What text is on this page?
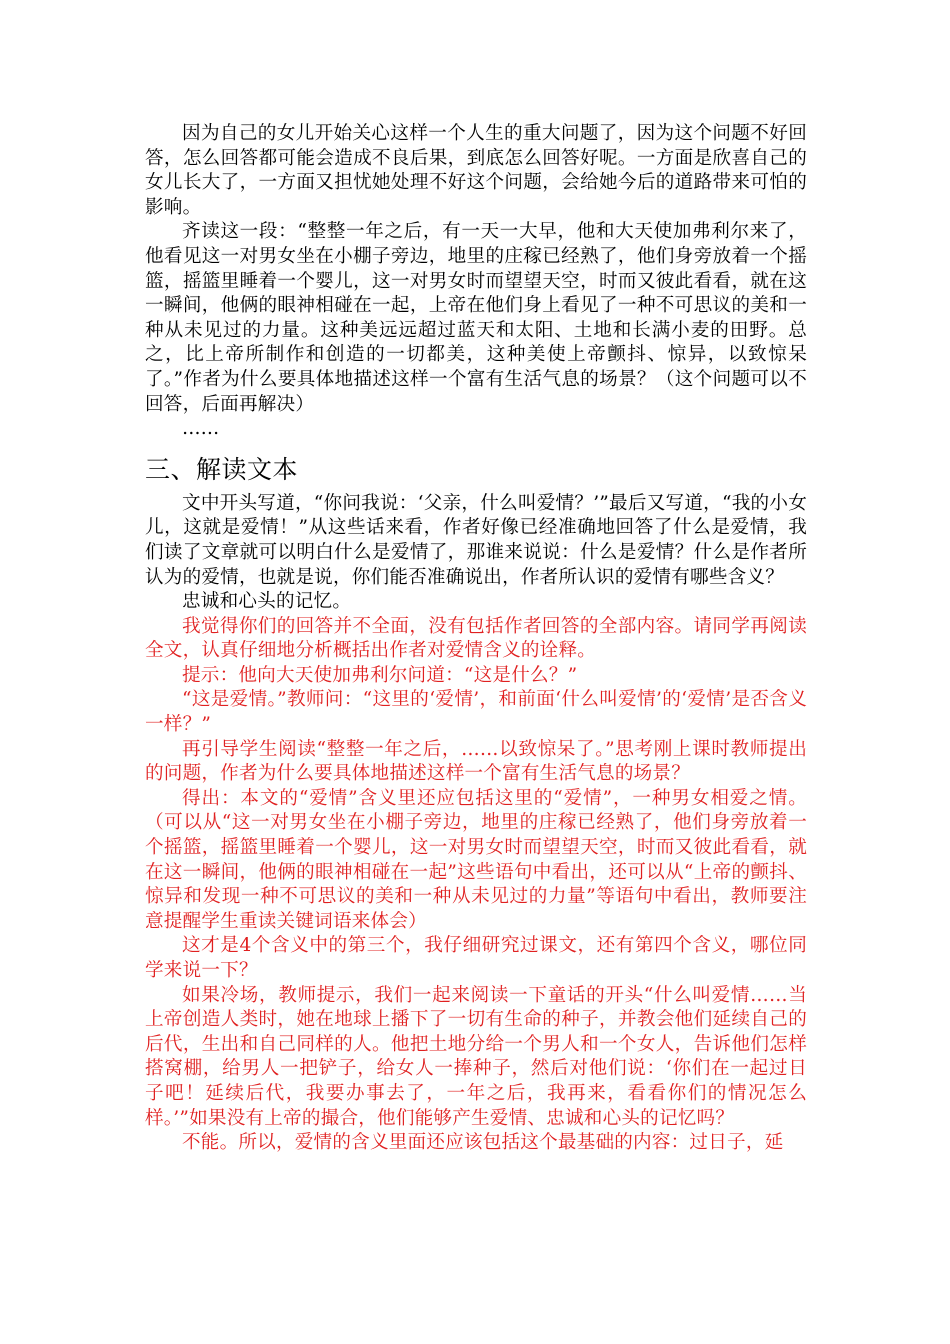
因为自己的女儿开始关心这样一个人生的重大问题了，因为这个问题不好回答，怎么回答都可能会造成不良后果，到底怎么回答好呢。一方面是欣喜自己的女儿长大了，一方面又担忧她处理不好这个问题，会给她今后的道路带来可怕的影响。

齐读这一段：“整整一年之后，有一天一大早，他和大天使加弗利尔来了，他看见这一对男女坐在小棚子旁边，地里的庄稼已经熟了，他们身旁放着一个摇篮，摇篮里睡着一个婴儿，这一对男女时而望望天空，时而又彼此看看，就在这一瞬间，他俩的眼神相碰在一起，上帝在他们身上看见了一种不可思议的美和一种从未见过的力量。这种美远远超过蓝天和太阳、土地和长满小麦的田野。总之，比上帝所制作和创造的一切都美，这种美使上帝颤抖、惊异，以致惊呆了。”作者为什么要具体地描述这样一个富有生活气息的场景？（这个问题可以不回答，后面再解决）

……

三、解读文本

文中开头写道，“你问我说：‘父亲，什么叫爱情？’”最后又写道，“我的小女儿，这就是爱情！”从这些话来看，作者好像已经准确地回答了什么是爱情，我们读了文章就可以明白什么是爱情了，那谁来说说：什么是爱情？什么是作者所认为的爱情，也就是说，你们能否准确说出，作者所认识的爱情有哪些含义？

忠诚和心头的记忆。

我觉得你们的回答并不全面，没有包括作者回答的全部内容。请同学再阅读全文，认真仔细地分析概括出作者对爱情含义的诠释。

提示：他向大天使加弗利尔问道：“这是什么？”

“这是爱情。”教师问：“这里的‘爱情’，和前面‘什么叫爱情’的‘爱情’是否含义一样？”

再引导学生阅读“整整一年之后，……以致惊呆了。”思考刚上课时教师提出的问题，作者为什么要具体地描述这样一个富有生活气息的场景？

得出：本文的“爱情”含义里还应包括这里的“爱情”，一种男女相爱之情。（可以从“这一对男女坐在小棚子旁边，地里的庄稼已经熟了，他们身旁放着一个摇篮，摇篮里睡着一个婴儿，这一对男女时而望望天空，时而又彼此看看，就在这一瞬间，他俩的眼神相碰在一起”这些语句中看出，还可以从“上帝的颤抖、惊异和发现一种不可思议的美和一种从未见过的力量”等语句中看出，教师要注意提醒学生重读关键词语来体会）

这才是4个含义中的第三个，我仔细研究过课文，还有第四个含义，哪位同学来说一下？

如果冷场，教师提示，我们一起来阅读一下童话的开头“什么叫爱情……当上帝创造人类时，她在地球上播下了一切有生命的种子，并教会他们延续自己的后代，生出和自己同样的人。他把土地分给一个男人和一个女人，告诉他们怎样搭窝棚，给男人一把铲子，给女人一捧种子，然后对他们说：‘你们在一起过日子吧！延续后代，我要办事去了，一年之后，我再来，看看你们的情况怎么样。’”如果没有上帝的撮合，他们能够产生爱情、忠诚和心头的记忆吗？

不能。所以，爱情的含义里面还应该包括这个最基础的内容：过日子，延
